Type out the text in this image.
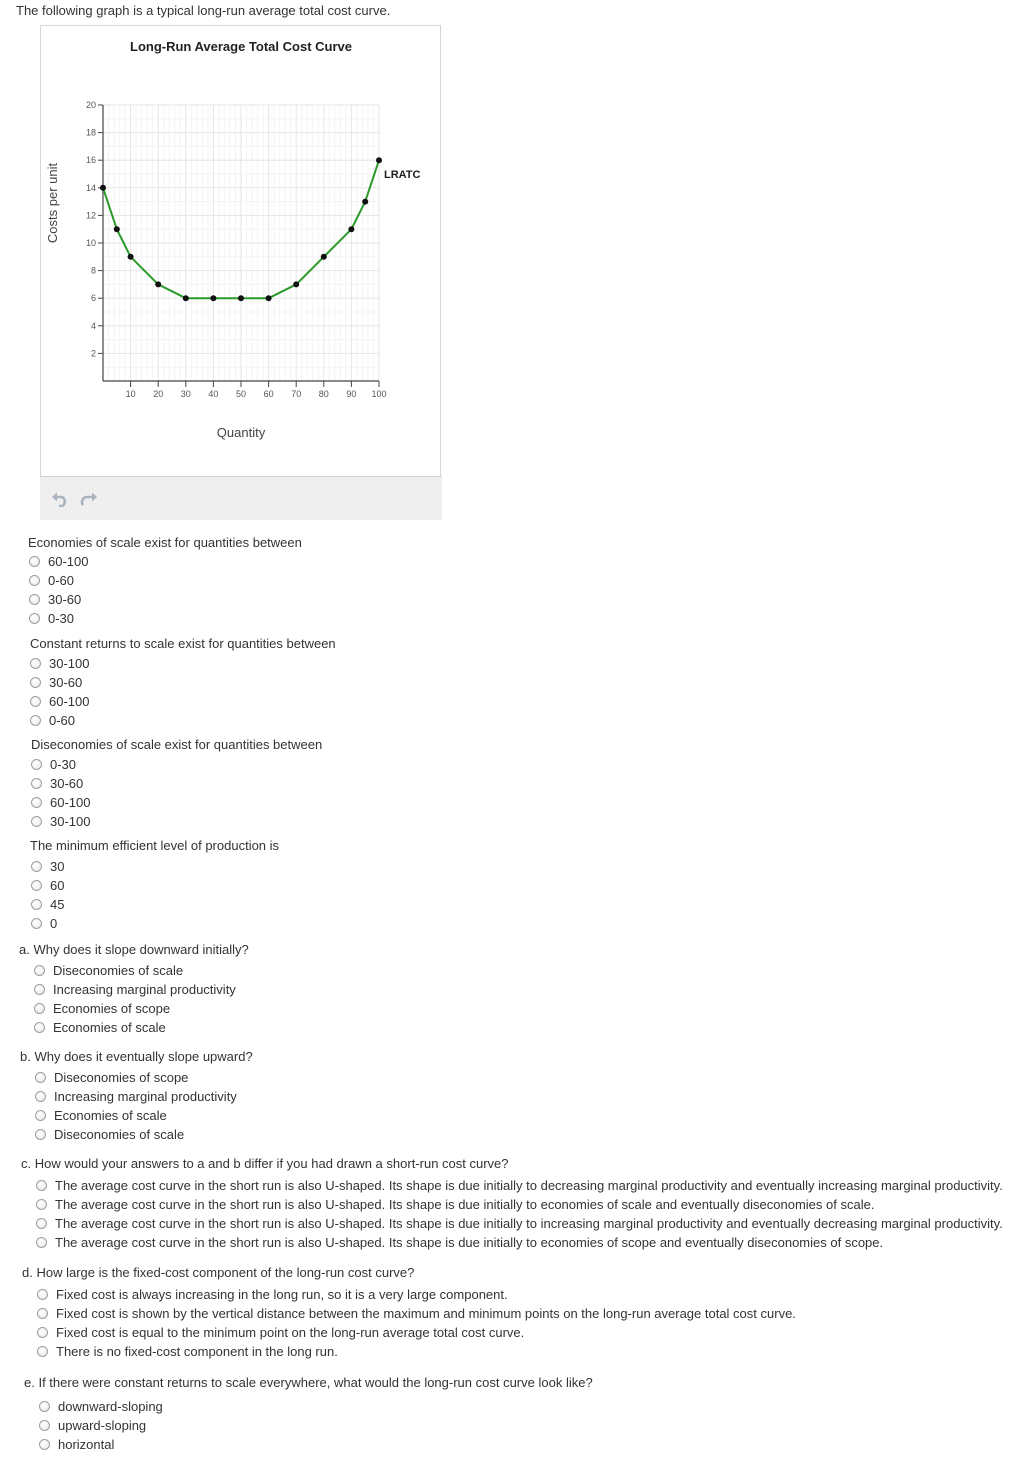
The following graph is a typical long-run average total cost curve.
10 20 30 40 50 60 70 80 90 100
2
4
6
8
10
12
14
16
18
20
Long-Run Average Total Cost Curve
Quantity
Costs per unit	LRATC
Economies of scale exist for quantities between
60-100
0-60
30-60
0-30
Constant returns to scale exist for quantities between
30-100
30-60
60-100
0-60
Diseconomies of scale exist for quantities between
0-30
30-60
60-100
30-100
The minimum efficient level of production is
30
60
45
0
a. Why does it slope downward initially?
Diseconomies of scale
Increasing marginal productivity
Economies of scope
Economies of scale
b. Why does it eventually slope upward?
Diseconomies of scope
Increasing marginal productivity
Economies of scale
Diseconomies of scale
c. How would your answers to a and b differ if you had drawn a short-run cost curve?
The average cost curve in the short run is also U-shaped. Its shape is due initially to decreasing marginal productivity and eventually increasing marginal productivity.
The average cost curve in the short run is also U-shaped. Its shape is due initially to economies of scale and eventually diseconomies of scale.
The average cost curve in the short run is also U-shaped. Its shape is due initially to increasing marginal productivity and eventually decreasing marginal productivity.
The average cost curve in the short run is also U-shaped. Its shape is due initially to economies of scope and eventually diseconomies of scope.
d. How large is the fixed-cost component of the long-run cost curve?
Fixed cost is always increasing in the long run, so it is a very large component.
Fixed cost is shown by the vertical distance between the maximum and minimum points on the long-run average total cost curve.
Fixed cost is equal to the minimum point on the long-run average total cost curve.
There is no fixed-cost component in the long run.
e. If there were constant returns to scale everywhere, what would the long-run cost curve look like?
downward-sloping
upward-sloping
horizontal
